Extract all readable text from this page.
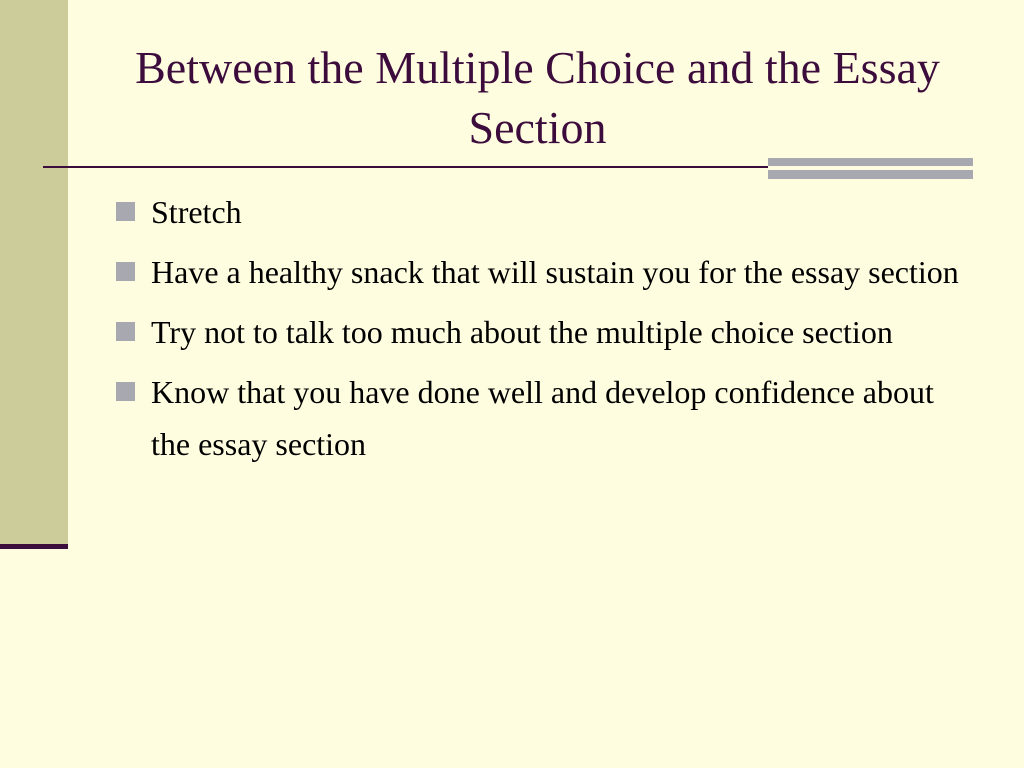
Between the Multiple Choice and the Essay Section
Stretch
Have a healthy snack that will sustain you for the essay section
Try not to talk too much about the multiple choice section
Know that you have done well and develop confidence about the essay section
